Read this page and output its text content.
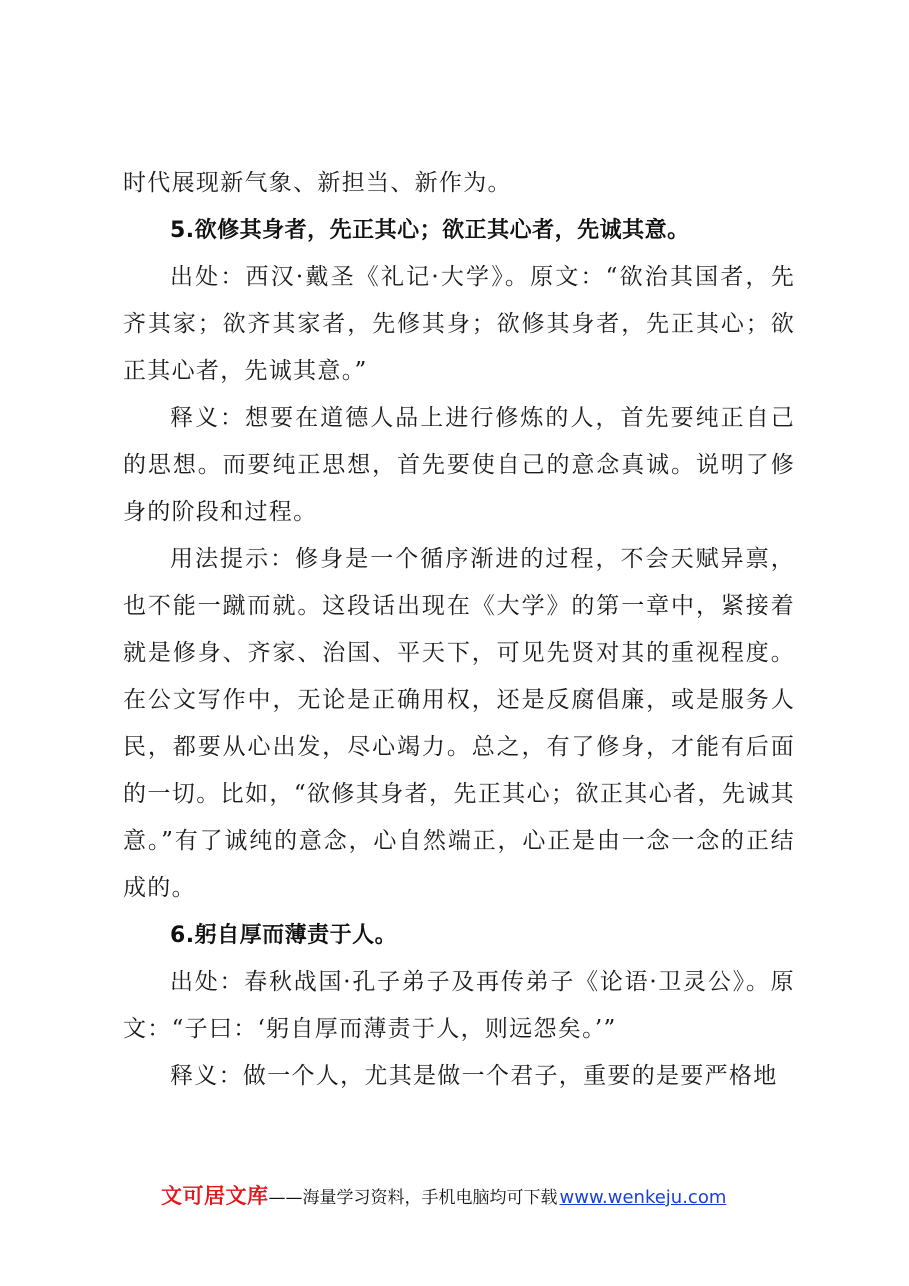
时代展现新气象、新担当、新作为。

5.欲修其身者，先正其心；欲正其心者，先诚其意。

出处：西汉·戴圣《礼记·大学》。原文：“欲治其国者，先齐其家；欲齐其家者，先修其身；欲修其身者，先正其心；欲正其心者，先诚其意。”

释义：想要在道德人品上进行修炼的人，首先要纯正自己的思想。而要纯正思想，首先要使自己的意念真诚。说明了修身的阶段和过程。

用法提示：修身是一个循序渐进的过程，不会天赋异禀，也不能一蹴而就。这段话出现在《大学》的第一章中，紧接着就是修身、齐家、治国、平天下，可见先贤对其的重视程度。在公文写作中，无论是正确用权，还是反腐倡廉，或是服务人民，都要从心出发，尽心竭力。总之，有了修身，才能有后面的一切。比如，“欲修其身者，先正其心；欲正其心者，先诚其意。”有了诚纯的意念，心自然端正，心正是由一念一念的正结成的。

6.躬自厚而薄责于人。

出处：春秋战国·孔子弟子及再传弟子《论语·卫灵公》。原文：“子曰：‘躬自厚而薄责于人，则远怨矣。’”

释义：做一个人，尤其是做一个君子，重要的是要严格地

文可居文库 ——海量学习资料，手机电脑均可下载 www.wenkeju.com
